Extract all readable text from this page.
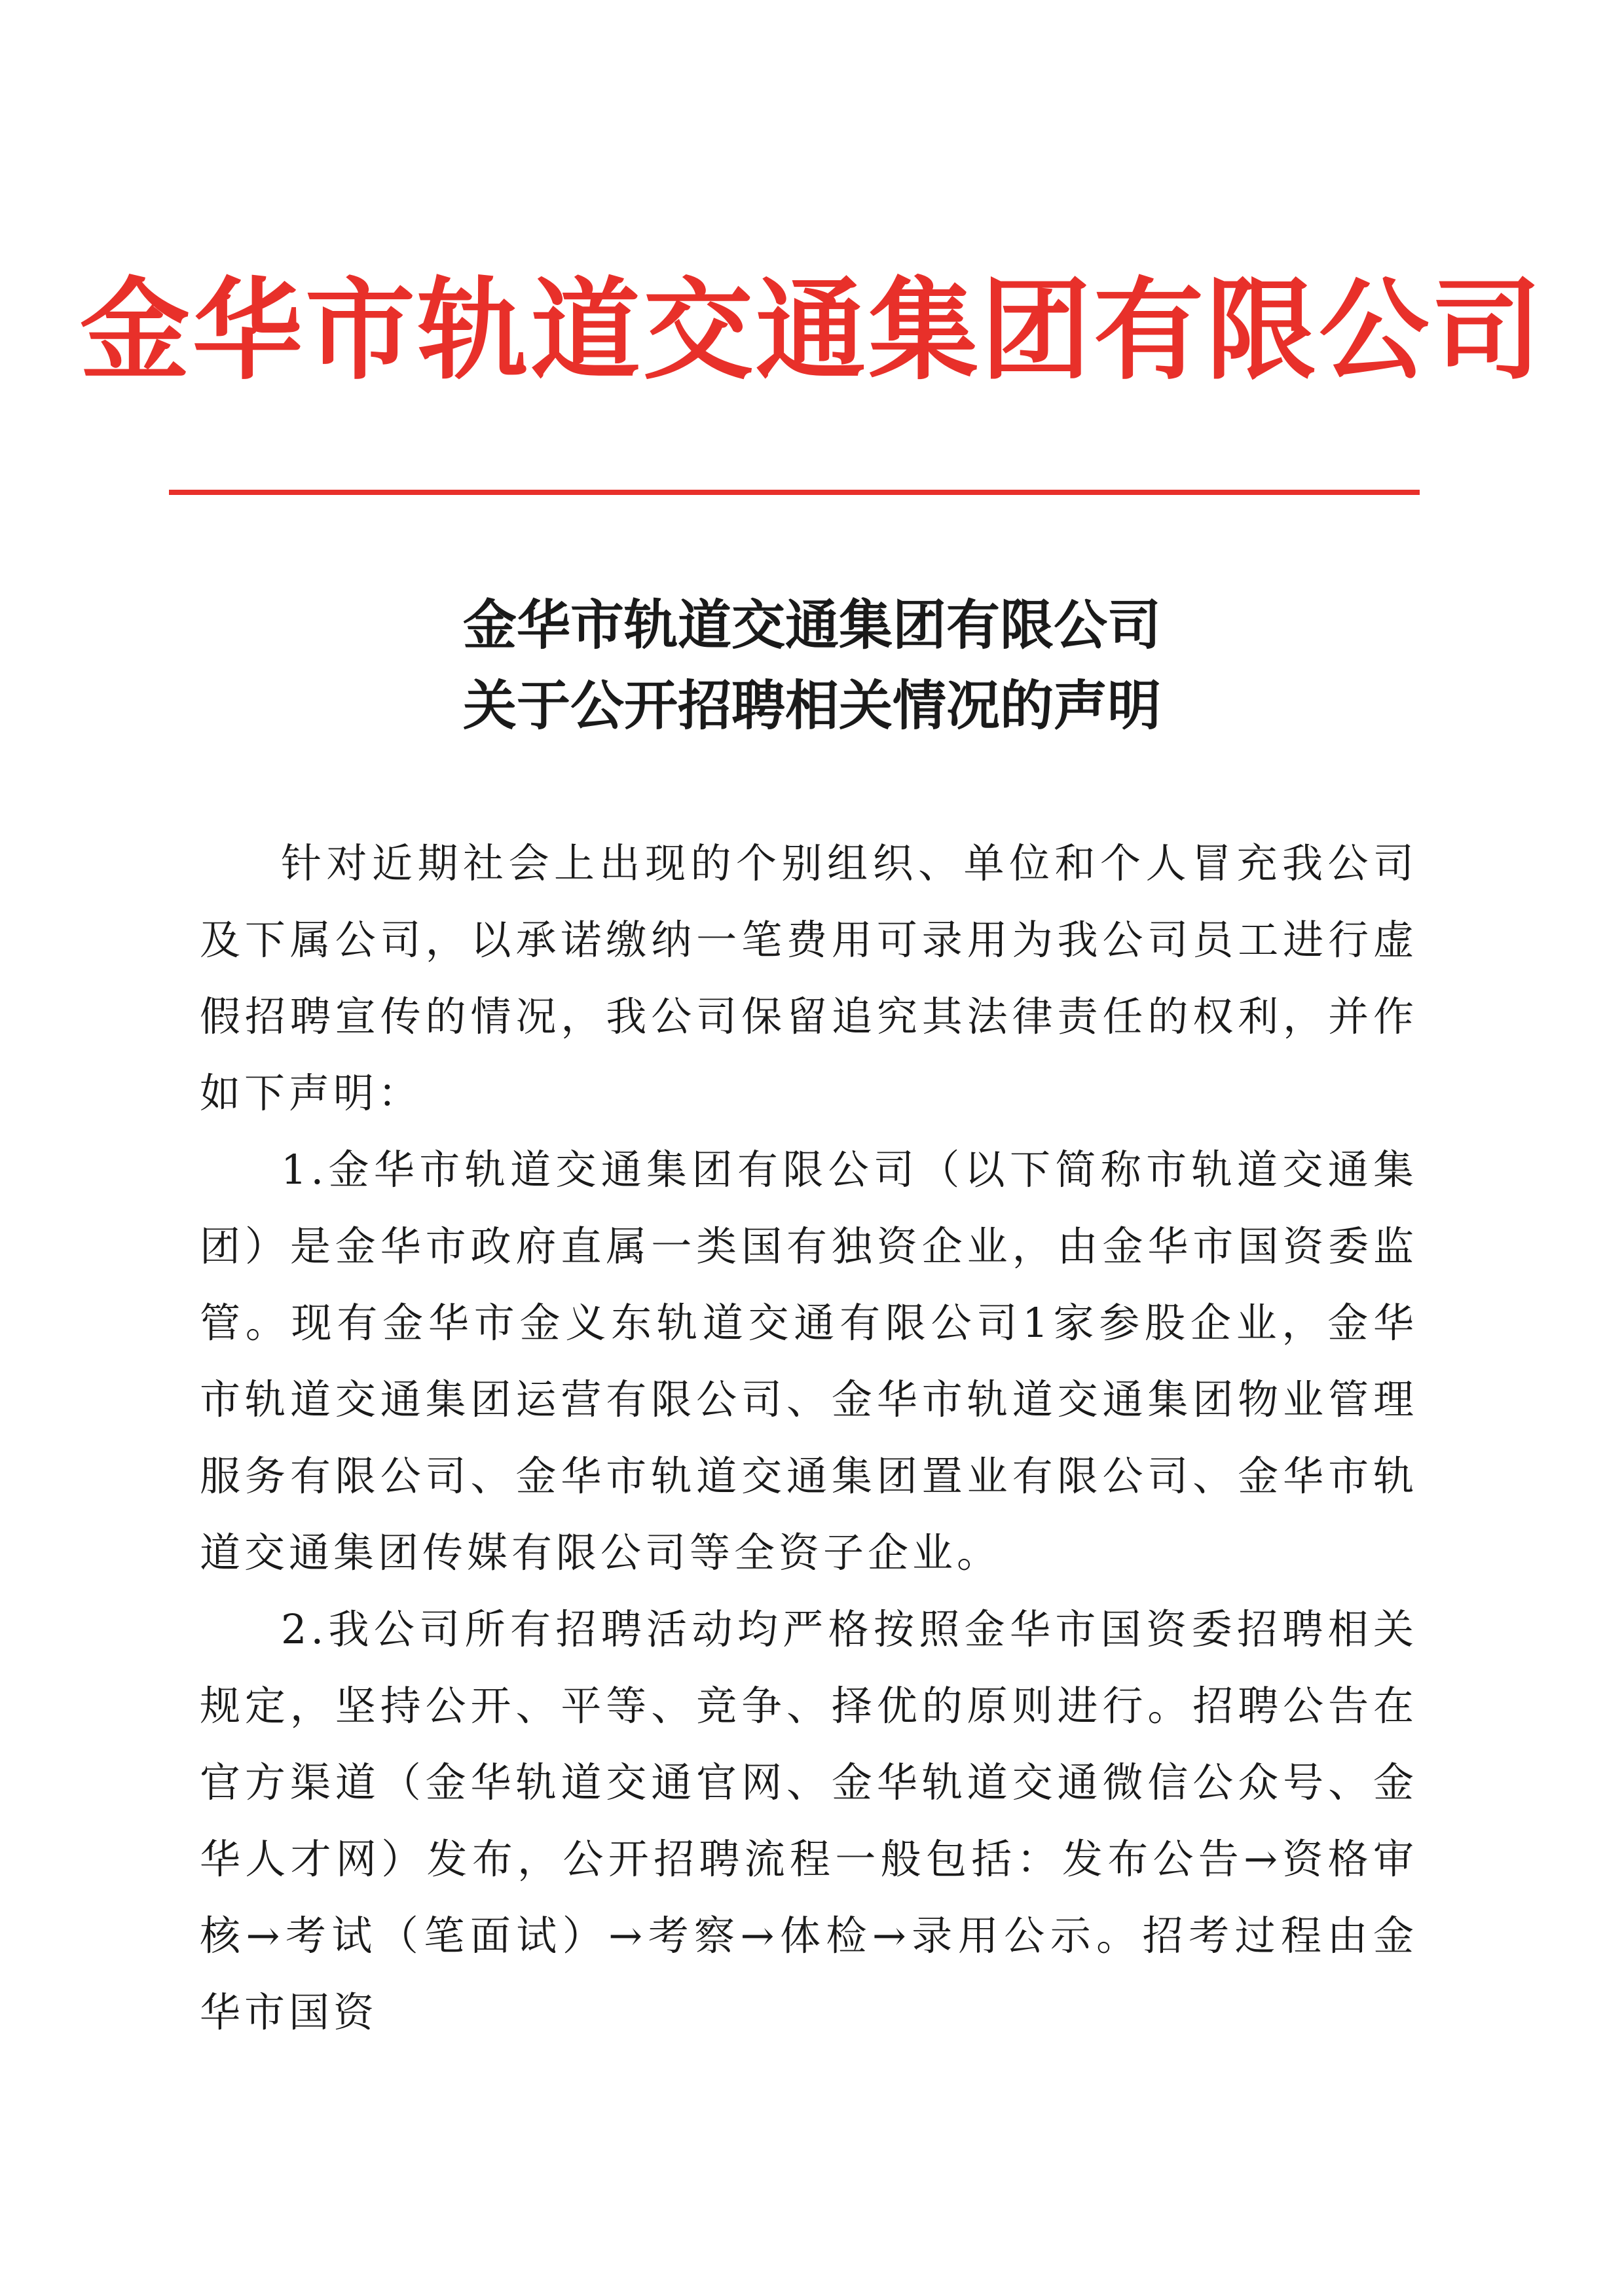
金华市轨道交通集团有限公司
金华市轨道交通集团有限公司
关于公开招聘相关情况的声明

针对近期社会上出现的个别组织、单位和个人冒充我公司及下属公司，以承诺缴纳一笔费用可录用为我公司员工进行虚假招聘宣传的情况，我公司保留追究其法律责任的权利，并作如下声明：

1.金华市轨道交通集团有限公司（以下简称市轨道交通集团）是金华市政府直属一类国有独资企业，由金华市国资委监管。现有金华市金义东轨道交通有限公司1家参股企业，金华市轨道交通集团运营有限公司、金华市轨道交通集团物业管理服务有限公司、金华市轨道交通集团置业有限公司、金华市轨道交通集团传媒有限公司等全资子企业。

2.我公司所有招聘活动均严格按照金华市国资委招聘相关规定，坚持公开、平等、竞争、择优的原则进行。招聘公告在官方渠道（金华轨道交通官网、金华轨道交通微信公众号、金华人才网）发布，公开招聘流程一般包括：发布公告→资格审核→考试（笔面试）→考察→体检→录用公示。招考过程由金华市国资
